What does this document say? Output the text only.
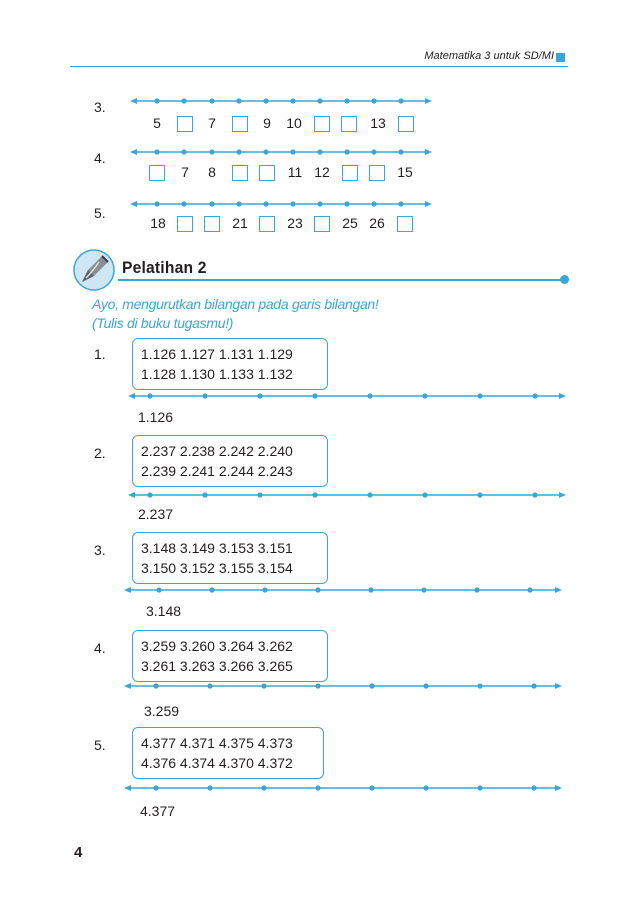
Matematika 3 untuk SD/MI
3.
5	7	9 10	13
4.
7 8	11 12	15
5.
18	21	23	25 26
Pelatihan 2
Ayo, mengurutkan bilangan pada garis bilangan!
(Tulis di buku tugasmu!)
1.	1.126 1.127 1.131 1.129
1.128 1.130 1.133 1.132
1.126
2.	2.237 2.238 2.242 2.240
2.239 2.241 2.244 2.243
2.237
3.	3.148 3.149 3.153 3.151
3.150 3.152 3.155 3.154
3.148
4.	3.259 3.260 3.264 3.262
3.261 3.263 3.266 3.265
3.259
5.	4.377 4.371 4.375 4.373
4.376 4.374 4.370 4.372
4.377
4
